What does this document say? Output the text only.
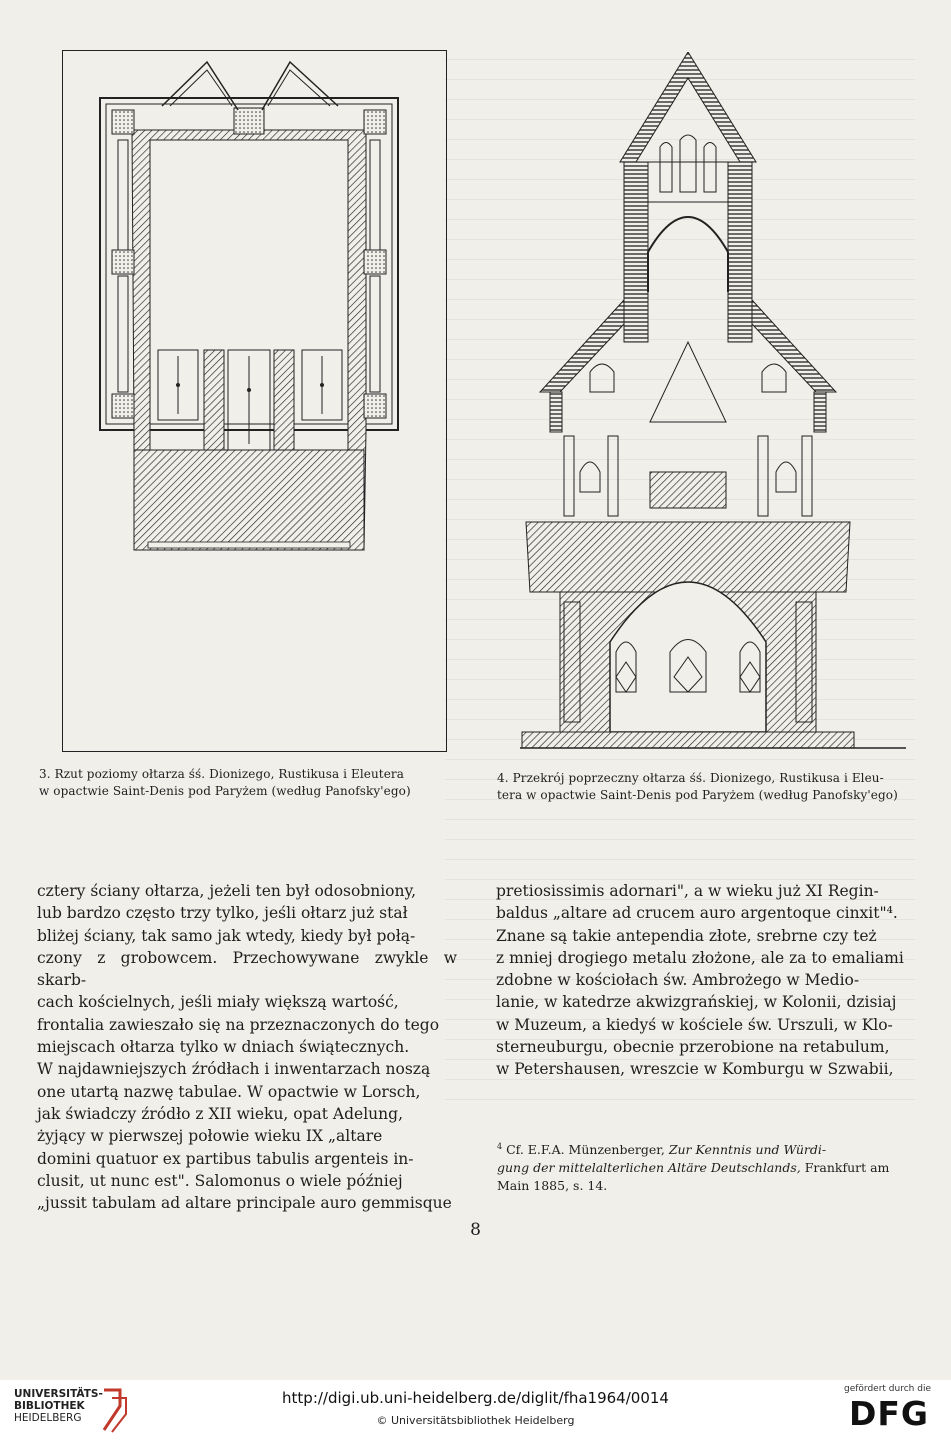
3. Rzut poziomy ołtarza śś. Dionizego, Rustikusa i Eleutera
w opactwie Saint-Denis pod Paryżem (według Panofsky'ego)
4. Przekrój poprzeczny ołtarza śś. Dionizego, Rustikusa i Eleu-
tera w opactwie Saint-Denis pod Paryżem (według Panofsky'ego)

cztery ściany ołtarza, jeżeli ten był odosobniony,

lub bardzo często trzy tylko, jeśli ołtarz już stał

bliżej ściany, tak samo jak wtedy, kiedy był połą-

czony z grobowcem. Przechowywane zwykle w skarb-

cach kościelnych, jeśli miały większą wartość,

frontalia zawieszało się na przeznaczonych do tego

miejscach ołtarza tylko w dniach świątecznych.

W najdawniejszych źródłach i inwentarzach noszą

one utartą nazwę tabulae. W opactwie w Lorsch,

jak świadczy źródło z XII wieku, opat Adelung,

żyjący w pierwszej połowie wieku IX „altare

domini quatuor ex partibus tabulis argenteis in-

clusit, ut nunc est". Salomonus o wiele później

„jussit tabulam ad altare principale auro gemmisque

pretiosissimis adornari", a w wieku już XI Regin-

baldus „altare ad crucem auro argentoque cinxit"⁴.

Znane są takie antependia złote, srebrne czy też

z mniej drogiego metalu złożone, ale za to emaliami

zdobne w kościołach św. Ambrożego w Medio-

lanie, w katedrze akwizgrańskiej, w Kolonii, dzisiaj

w Muzeum, a kiedyś w kościele św. Urszuli, w Klo-

sterneuburgu, obecnie przerobione na retabulum,

w Petershausen, wreszcie w Komburgu w Szwabii,

$^4$ Cf. E.F.A. Münzenberger, Zur Kenntnis und Würdi-
gung der mittelalterlichen Altäre Deutschlands, Frankfurt am
Main 1885, s. 14.
8
UNIVERSITÄTS-
BIBLIOTHEK
HEIDELBERG
http://digi.ub.uni-heidelberg.de/diglit/fha1964/0014
© Universitätsbibliothek Heidelberg
gefördert durch die
DFG
